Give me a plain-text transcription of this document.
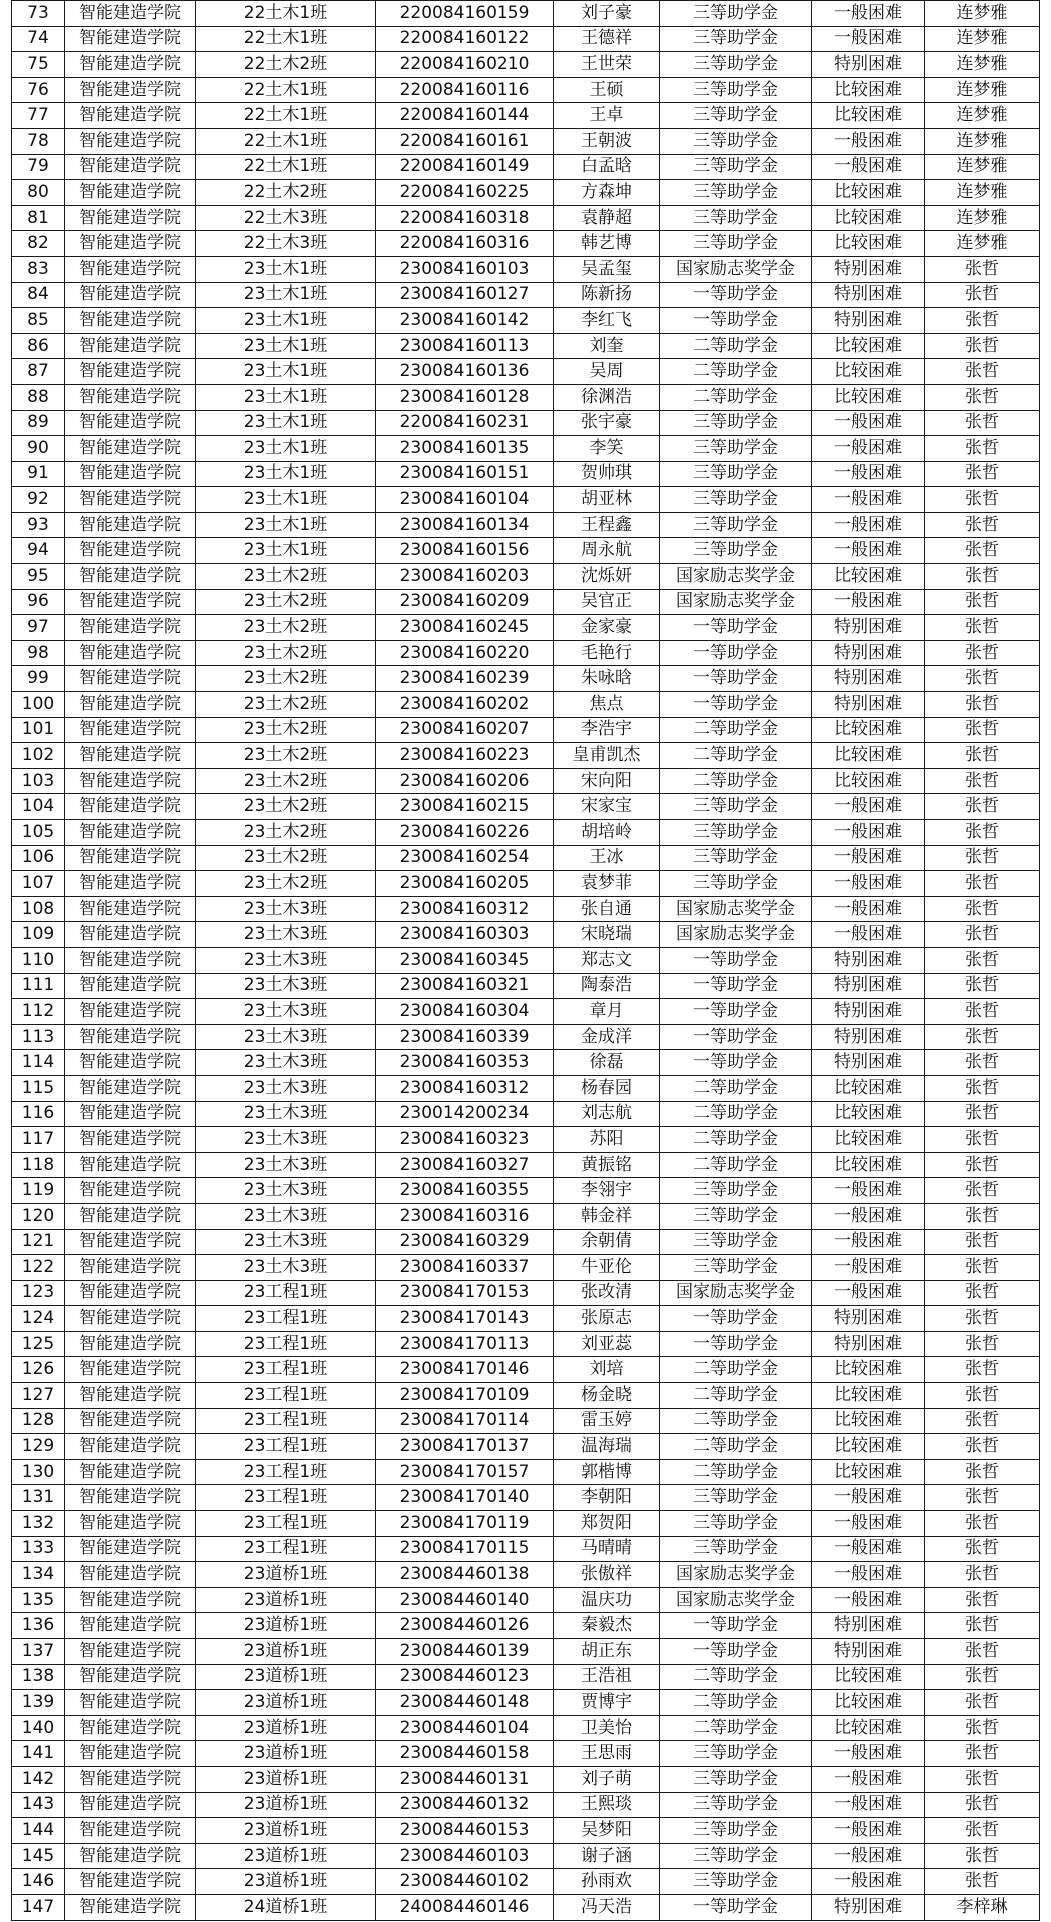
73	智能建造学院	22土木1班	220084160159	刘子豪	三等助学金	一般困难	连梦雅
74	智能建造学院	22土木1班	220084160122	王德祥	三等助学金	一般困难	连梦雅
75	智能建造学院	22土木2班	220084160210	王世荣	三等助学金	特别困难	连梦雅
76	智能建造学院	22土木1班	220084160116	王硕	三等助学金	比较困难	连梦雅
77	智能建造学院	22土木1班	220084160144	王卓	三等助学金	比较困难	连梦雅
78	智能建造学院	22土木1班	220084160161	王朝波	三等助学金	一般困难	连梦雅
79	智能建造学院	22土木1班	220084160149	白孟晗	三等助学金	一般困难	连梦雅
80	智能建造学院	22土木2班	220084160225	方森坤	三等助学金	比较困难	连梦雅
81	智能建造学院	22土木3班	220084160318	袁静超	三等助学金	比较困难	连梦雅
82	智能建造学院	22土木3班	220084160316	韩艺博	三等助学金	比较困难	连梦雅
83	智能建造学院	23土木1班	230084160103	吴孟玺	国家励志奖学金	特别困难	张哲
84	智能建造学院	23土木1班	230084160127	陈新扬	一等助学金	特别困难	张哲
85	智能建造学院	23土木1班	230084160142	李红飞	一等助学金	特别困难	张哲
86	智能建造学院	23土木1班	230084160113	刘奎	二等助学金	比较困难	张哲
87	智能建造学院	23土木1班	230084160136	吴周	二等助学金	比较困难	张哲
88	智能建造学院	23土木1班	230084160128	徐渊浩	二等助学金	比较困难	张哲
89	智能建造学院	23土木1班	220084160231	张宇豪	三等助学金	一般困难	张哲
90	智能建造学院	23土木1班	230084160135	李笑	三等助学金	一般困难	张哲
91	智能建造学院	23土木1班	230084160151	贺帅琪	三等助学金	一般困难	张哲
92	智能建造学院	23土木1班	230084160104	胡亚林	三等助学金	一般困难	张哲
93	智能建造学院	23土木1班	230084160134	王程鑫	三等助学金	一般困难	张哲
94	智能建造学院	23土木1班	230084160156	周永航	三等助学金	一般困难	张哲
95	智能建造学院	23土木2班	230084160203	沈烁妍	国家励志奖学金	比较困难	张哲
96	智能建造学院	23土木2班	230084160209	吴官正	国家励志奖学金	一般困难	张哲
97	智能建造学院	23土木2班	230084160245	金家豪	一等助学金	特别困难	张哲
98	智能建造学院	23土木2班	230084160220	毛艳行	一等助学金	特别困难	张哲
99	智能建造学院	23土木2班	230084160239	朱咏晗	一等助学金	特别困难	张哲
100	智能建造学院	23土木2班	230084160202	焦点	一等助学金	特别困难	张哲
101	智能建造学院	23土木2班	230084160207	李浩宇	二等助学金	比较困难	张哲
102	智能建造学院	23土木2班	230084160223	皇甫凯杰	二等助学金	比较困难	张哲
103	智能建造学院	23土木2班	230084160206	宋向阳	二等助学金	比较困难	张哲
104	智能建造学院	23土木2班	230084160215	宋家宝	三等助学金	一般困难	张哲
105	智能建造学院	23土木2班	230084160226	胡培岭	三等助学金	一般困难	张哲
106	智能建造学院	23土木2班	230084160254	王冰	三等助学金	一般困难	张哲
107	智能建造学院	23土木2班	230084160205	袁梦菲	三等助学金	一般困难	张哲
108	智能建造学院	23土木3班	230084160312	张自通	国家励志奖学金	一般困难	张哲
109	智能建造学院	23土木3班	230084160303	宋晓瑞	国家励志奖学金	一般困难	张哲
110	智能建造学院	23土木3班	230084160345	郑志文	一等助学金	特别困难	张哲
111	智能建造学院	23土木3班	230084160321	陶泰浩	一等助学金	特别困难	张哲
112	智能建造学院	23土木3班	230084160304	章月	一等助学金	特别困难	张哲
113	智能建造学院	23土木3班	230084160339	金成洋	一等助学金	特别困难	张哲
114	智能建造学院	23土木3班	230084160353	徐磊	一等助学金	特别困难	张哲
115	智能建造学院	23土木3班	230084160312	杨春园	二等助学金	比较困难	张哲
116	智能建造学院	23土木3班	230014200234	刘志航	二等助学金	比较困难	张哲
117	智能建造学院	23土木3班	230084160323	苏阳	二等助学金	比较困难	张哲
118	智能建造学院	23土木3班	230084160327	黄振铭	二等助学金	比较困难	张哲
119	智能建造学院	23土木3班	230084160355	李翎宇	三等助学金	一般困难	张哲
120	智能建造学院	23土木3班	230084160316	韩金祥	三等助学金	一般困难	张哲
121	智能建造学院	23土木3班	230084160329	余朝倩	三等助学金	一般困难	张哲
122	智能建造学院	23土木3班	230084160337	牛亚伦	三等助学金	一般困难	张哲
123	智能建造学院	23工程1班	230084170153	张改清	国家励志奖学金	一般困难	张哲
124	智能建造学院	23工程1班	230084170143	张原志	一等助学金	特别困难	张哲
125	智能建造学院	23工程1班	230084170113	刘亚蕊	一等助学金	特别困难	张哲
126	智能建造学院	23工程1班	230084170146	刘培	二等助学金	比较困难	张哲
127	智能建造学院	23工程1班	230084170109	杨金晓	二等助学金	比较困难	张哲
128	智能建造学院	23工程1班	230084170114	雷玉婷	二等助学金	比较困难	张哲
129	智能建造学院	23工程1班	230084170137	温海瑞	二等助学金	比较困难	张哲
130	智能建造学院	23工程1班	230084170157	郭楷博	二等助学金	比较困难	张哲
131	智能建造学院	23工程1班	230084170140	李朝阳	三等助学金	一般困难	张哲
132	智能建造学院	23工程1班	230084170119	郑贺阳	三等助学金	一般困难	张哲
133	智能建造学院	23工程1班	230084170115	马晴晴	三等助学金	一般困难	张哲
134	智能建造学院	23道桥1班	230084460138	张傲祥	国家励志奖学金	一般困难	张哲
135	智能建造学院	23道桥1班	230084460140	温庆功	国家励志奖学金	一般困难	张哲
136	智能建造学院	23道桥1班	230084460126	秦毅杰	一等助学金	特别困难	张哲
137	智能建造学院	23道桥1班	230084460139	胡正东	一等助学金	特别困难	张哲
138	智能建造学院	23道桥1班	230084460123	王浩祖	二等助学金	比较困难	张哲
139	智能建造学院	23道桥1班	230084460148	贾博宇	二等助学金	比较困难	张哲
140	智能建造学院	23道桥1班	230084460104	卫美怡	二等助学金	比较困难	张哲
141	智能建造学院	23道桥1班	230084460158	王思雨	三等助学金	一般困难	张哲
142	智能建造学院	23道桥1班	230084460131	刘子萌	三等助学金	一般困难	张哲
143	智能建造学院	23道桥1班	230084460132	王熙琰	三等助学金	一般困难	张哲
144	智能建造学院	23道桥1班	230084460153	吴梦阳	三等助学金	一般困难	张哲
145	智能建造学院	23道桥1班	230084460103	谢子涵	三等助学金	一般困难	张哲
146	智能建造学院	23道桥1班	230084460102	孙雨欢	三等助学金	一般困难	张哲
147	智能建造学院	24道桥1班	240084460146	冯天浩	一等助学金	特别困难	李梓琳
